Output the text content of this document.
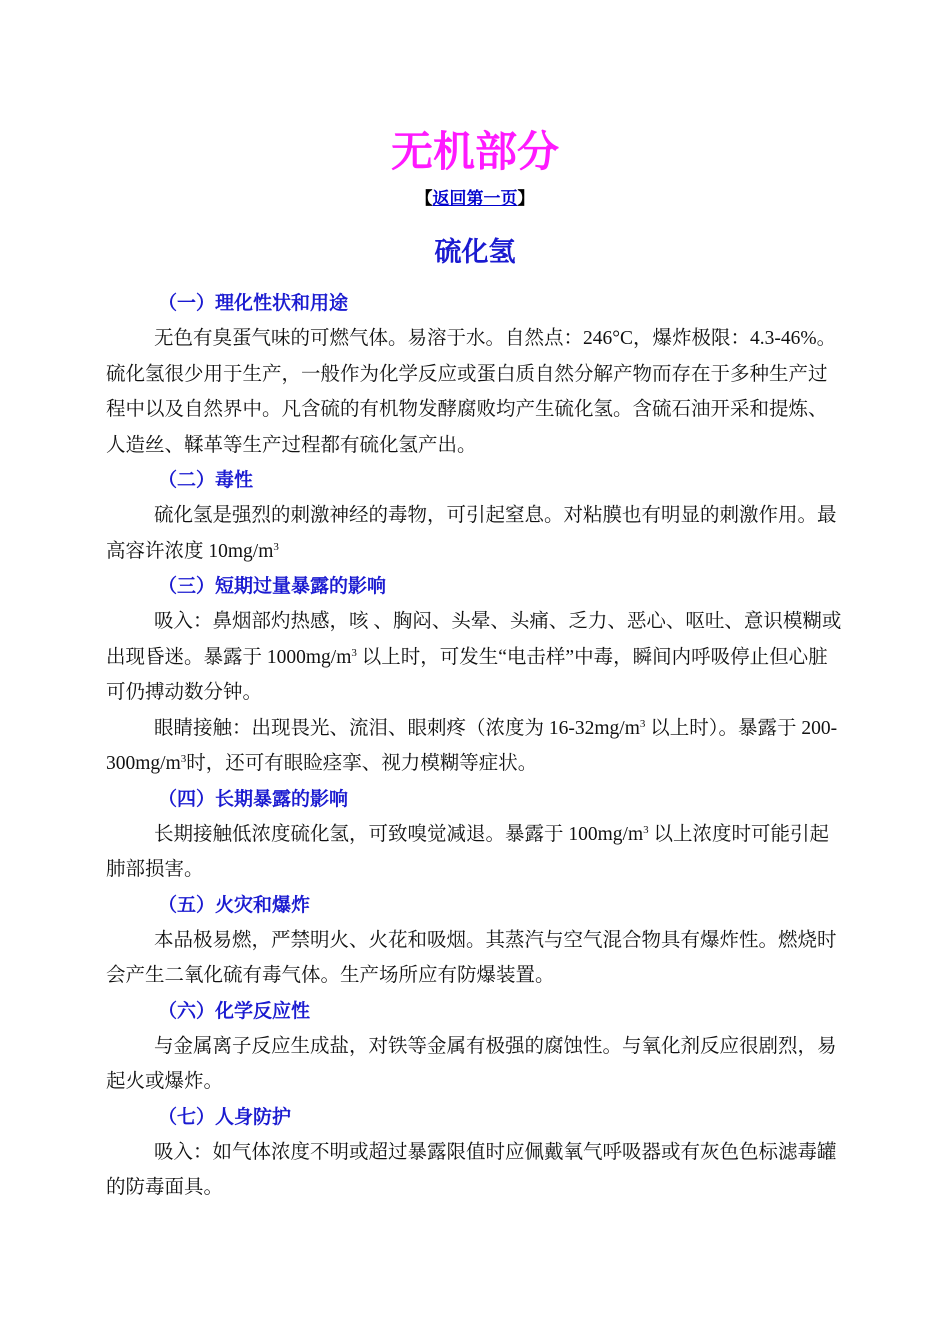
无机部分
【返回第一页】
硫化氢
（一）理化性状和用途

无色有臭蛋气味的可燃气体。易溶于水。自然点：246°C，爆炸极限：4.3-46%。硫化氢很少用于生产，一般作为化学反应或蛋白质自然分解产物而存在于多种生产过程中以及自然界中。凡含硫的有机物发酵腐败均产生硫化氢。含硫石油开采和提炼、人造丝、鞣革等生产过程都有硫化氢产出。

（二）毒性

硫化氢是强烈的刺激神经的毒物，可引起窒息。对粘膜也有明显的刺激作用。最高容许浓度 $10mg/m^3$

（三）短期过量暴露的影响

吸入：鼻烟部灼热感，咳 、胸闷、头晕、头痛、乏力、恶心、呕吐、意识模糊或出现昏迷。暴露于 $1000mg/m^3$ 以上时，可发生“电击样”中毒，瞬间内呼吸停止但心脏可仍搏动数分钟。

眼睛接触：出现畏光、流泪、眼刺疼（浓度为 $16-32mg/m^3$ 以上时）。暴露于 $200-300mg/m^3$时，还可有眼睑痉挛、视力模糊等症状。

（四）长期暴露的影响

长期接触低浓度硫化氢，可致嗅觉减退。暴露于 $100mg/m^3$ 以上浓度时可能引起肺部损害。

（五）火灾和爆炸

本品极易燃，严禁明火、火花和吸烟。其蒸汽与空气混合物具有爆炸性。燃烧时会产生二氧化硫有毒气体。生产场所应有防爆装置。

（六）化学反应性

与金属离子反应生成盐，对铁等金属有极强的腐蚀性。与氧化剂反应很剧烈，易起火或爆炸。

（七）人身防护

吸入：如气体浓度不明或超过暴露限值时应佩戴氧气呼吸器或有灰色色标滤毒罐的防毒面具。
